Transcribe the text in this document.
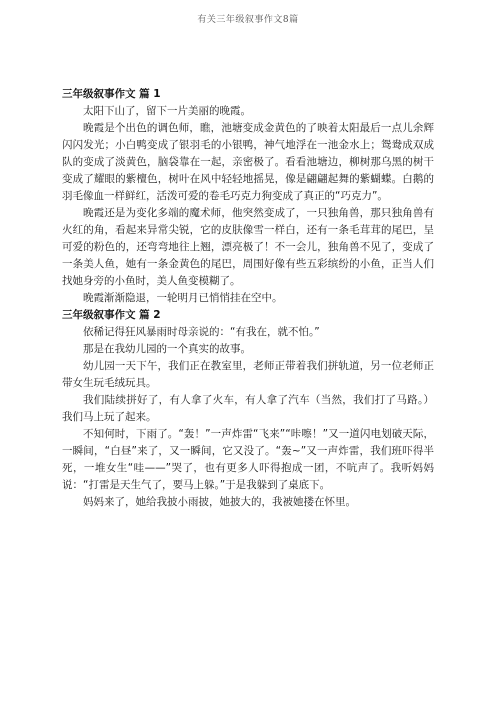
有关三年级叙事作文8篇

三年级叙事作文 篇 1

太阳下山了，留下一片美丽的晚霞。

晚霞是个出色的调色师，瞧，池塘变成金黄色的了映着太阳最后一点儿余辉闪闪发光；小白鸭变成了银羽毛的小银鸭，神气地浮在一池金水上；鸳鸯成双成队的变成了淡黄色，脑袋靠在一起，亲密极了。看看池塘边，柳树那乌黑的树干变成了耀眼的紫檀色，树叶在风中轻轻地摇晃，像是翩翩起舞的紫蝴蝶。白鹅的羽毛像血一样鲜红，活泼可爱的卷毛巧克力狗变成了真正的“巧克力”。

晚霞还是为变化多端的魔术师，他突然变成了，一只独角兽，那只独角兽有火红的角，看起来异常尖锐，它的皮肤像雪一样白，还有一条毛茸茸的尾巴，呈可爱的粉色的，还弯弯地往上翘，漂亮极了！不一会儿，独角兽不见了，变成了一条美人鱼，她有一条金黄色的尾巴，周围好像有些五彩缤纷的小鱼，正当人们找她身旁的小鱼时，美人鱼变模糊了。

晚霞渐渐隐退，一轮明月已悄悄挂在空中。

三年级叙事作文 篇 2

依稀记得狂风暴雨时母亲说的：“有我在，就不怕。”

那是在我幼儿园的一个真实的故事。

幼儿园一天下午，我们正在教室里，老师正带着我们拼轨道，另一位老师正带女生玩毛绒玩具。

我们陆续拼好了，有人拿了火车，有人拿了汽车（当然，我们打了马路。）我们马上玩了起来。

不知何时，下雨了。“轰！”一声炸雷“飞来”“咔嚓！”又一道闪电划破天际，一瞬间，“白昼”来了，又一瞬间，它又没了。“轰~”又一声炸雷，我们班吓得半死，一堆女生“哇——”哭了，也有更多人吓得抱成一团，不吭声了。我听妈妈说：“打雷是天生气了，要马上躲。”于是我躲到了桌底下。

妈妈来了，她给我披小雨披，她披大的，我被她搂在怀里。
